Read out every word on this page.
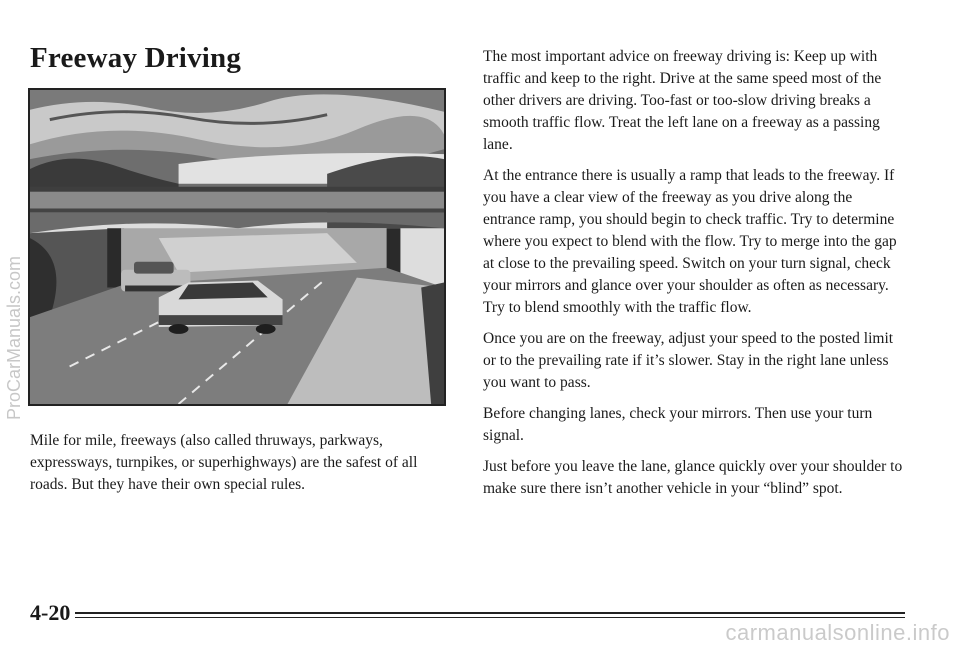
Freeway Driving

Mile for mile, freeways (also called thruways, parkways, expressways, turnpikes, or superhighways) are the safest of all roads. But they have their own special rules.

The most important advice on freeway driving is: Keep up with traffic and keep to the right. Drive at the same speed most of the other drivers are driving. Too-fast or too-slow driving breaks a smooth traffic flow. Treat the left lane on a freeway as a passing lane.

At the entrance there is usually a ramp that leads to the freeway. If you have a clear view of the freeway as you drive along the entrance ramp, you should begin to check traffic. Try to determine where you expect to blend with the flow. Try to merge into the gap at close to the prevailing speed. Switch on your turn signal, check your mirrors and glance over your shoulder as often as necessary. Try to blend smoothly with the traffic flow.

Once you are on the freeway, adjust your speed to the posted limit or to the prevailing rate if it’s slower. Stay in the right lane unless you want to pass.

Before changing lanes, check your mirrors. Then use your turn signal.

Just before you leave the lane, glance quickly over your shoulder to make sure there isn’t another vehicle in your “blind” spot.

4-20
ProCarManuals.com
carmanualsonline.info
